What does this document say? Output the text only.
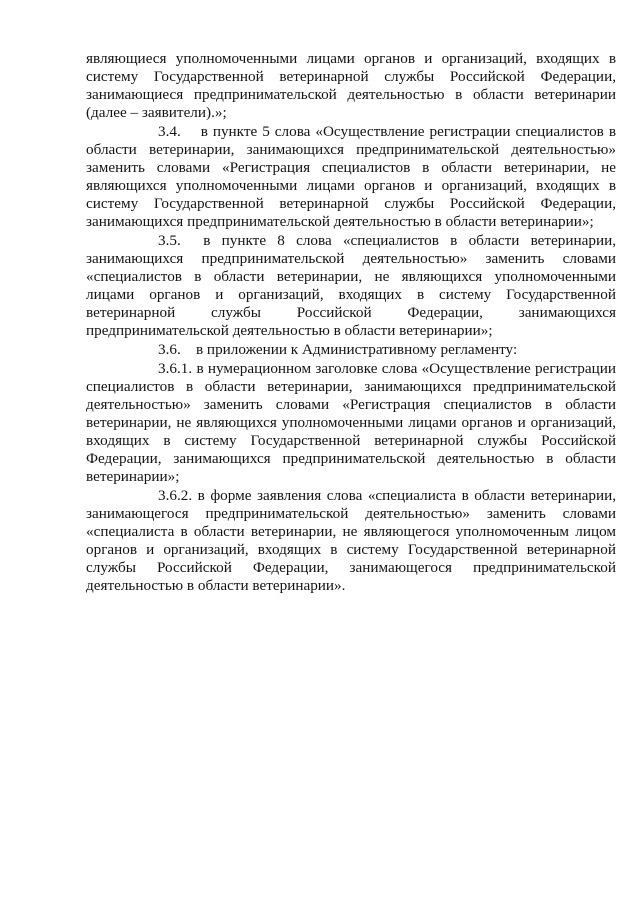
являющиеся уполномоченными лицами органов и организаций, входящих в систему Государственной ветеринарной службы Российской Федерации, занимающиеся предпринимательской деятельностью в области ветеринарии (далее – заявители).»;

3.4. в пункте 5 слова «Осуществление регистрации специалистов в области ветеринарии, занимающихся предпринимательской деятельностью» заменить словами «Регистрация специалистов в области ветеринарии, не являющихся уполномоченными лицами органов и организаций, входящих в систему Государственной ветеринарной службы Российской Федерации, занимающихся предпринимательской деятельностью в области ветеринарии»;

3.5. в пункте 8 слова «специалистов в области ветеринарии, занимающихся предпринимательской деятельностью» заменить словами «специалистов в области ветеринарии, не являющихся уполномоченными лицами органов и организаций, входящих в систему Государственной ветеринарной службы Российской Федерации, занимающихся предпринимательской деятельностью в области ветеринарии»;

3.6. в приложении к Административному регламенту:

3.6.1. в нумерационном заголовке слова «Осуществление регистрации специалистов в области ветеринарии, занимающихся предпринимательской деятельностью» заменить словами «Регистрация специалистов в области ветеринарии, не являющихся уполномоченными лицами органов и организаций, входящих в систему Государственной ветеринарной службы Российской Федерации, занимающихся предпринимательской деятельностью в области ветеринарии»;

3.6.2. в форме заявления слова «специалиста в области ветеринарии, занимающегося предпринимательской деятельностью» заменить словами «специалиста в области ветеринарии, не являющегося уполномоченным лицом органов и организаций, входящих в систему Государственной ветеринарной службы Российской Федерации, занимающегося предпринимательской деятельностью в области ветеринарии».
